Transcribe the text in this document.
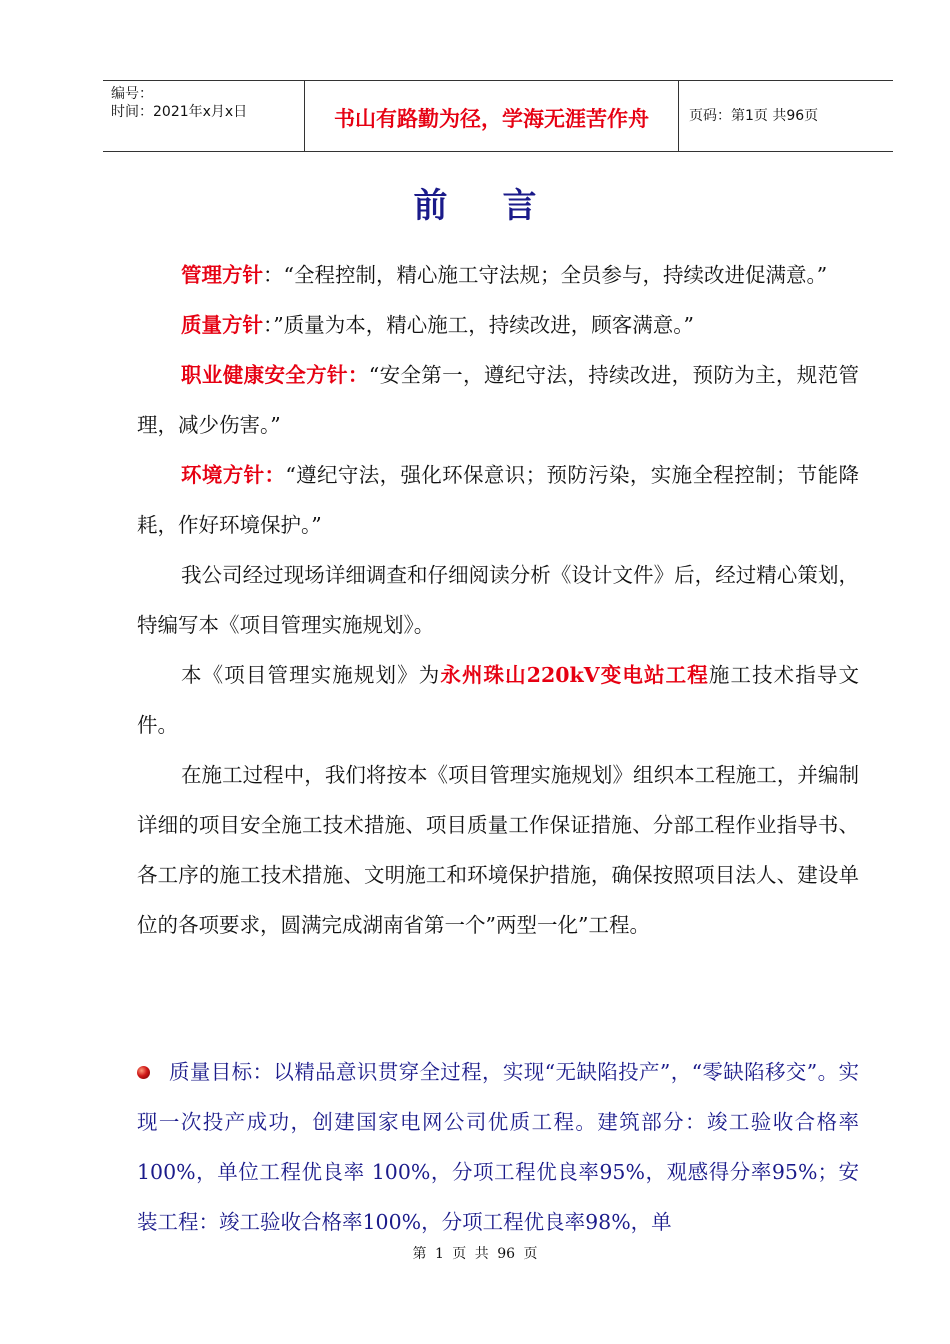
编号：
时间：2021年x月x日	书山有路勤为径，学海无涯苦作舟	页码：第1页 共96页
前言

管理方针：“全程控制，精心施工守法规；全员参与，持续改进促满意。”

质量方针：”质量为本，精心施工，持续改进，顾客满意。”

职业健康安全方针：“安全第一，遵纪守法，持续改进，预防为主，规范管理，减少伤害。”

环境方针：“遵纪守法，强化环保意识；预防污染，实施全程控制；节能降耗，作好环境保护。”

我公司经过现场详细调查和仔细阅读分析《设计文件》后，经过精心策划，特编写本《项目管理实施规划》。

本《项目管理实施规划》为永州珠山220kV变电站工程施工技术指导文件。

在施工过程中，我们将按本《项目管理实施规划》组织本工程施工，并编制详细的项目安全施工技术措施、项目质量工作保证措施、分部工程作业指导书、各工序的施工技术措施、文明施工和环境保护措施，确保按照项目法人、建设单位的各项要求，圆满完成湖南省第一个”两型一化”工程。

质量目标：以精品意识贯穿全过程，实现“无缺陷投产”，“零缺陷移交”。实现一次投产成功，创建国家电网公司优质工程。建筑部分：竣工验收合格率100%，单位工程优良率 100%，分项工程优良率95%，观感得分率95%；安装工程：竣工验收合格率100%，分项工程优良率98%，单

第 1 页 共 96 页
